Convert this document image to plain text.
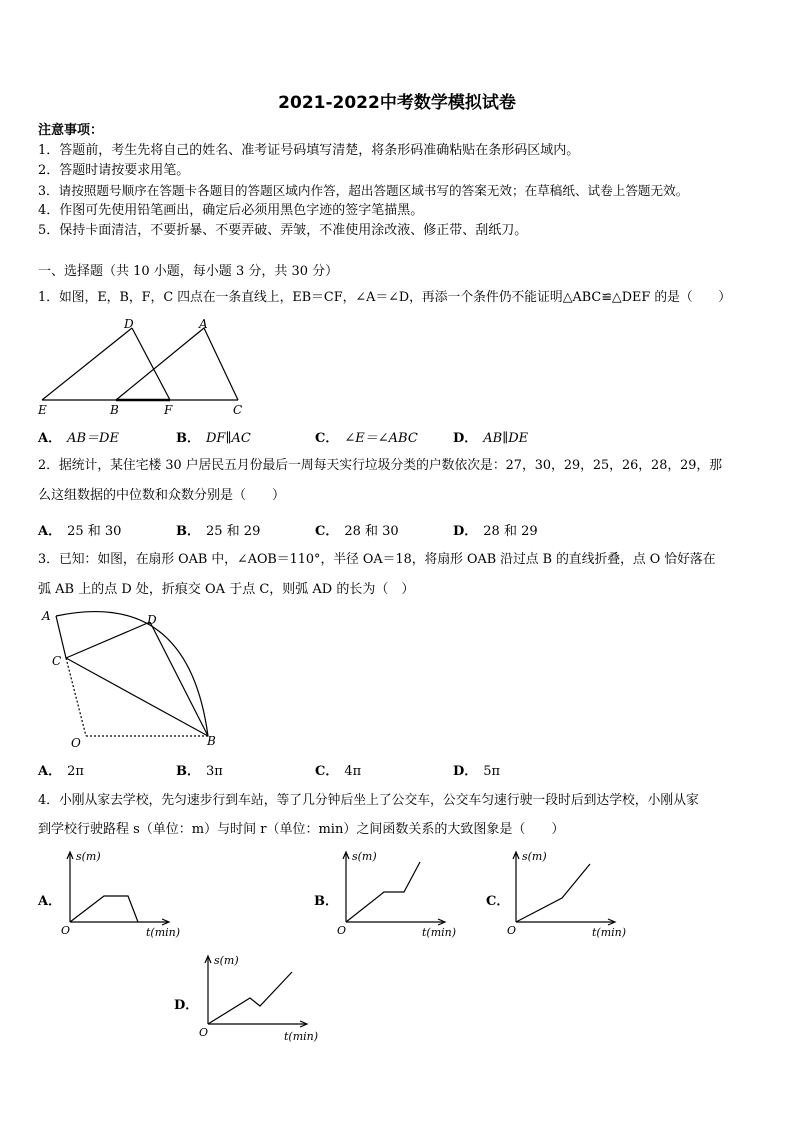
2021-2022中考数学模拟试卷
注意事项：
1．答题前，考生先将自己的姓名、准考证号码填写清楚，将条形码准确粘贴在条形码区域内。
2．答题时请按要求用笔。
3．请按照题号顺序在答题卡各题目的答题区域内作答，超出答题区域书写的答案无效；在草稿纸、试卷上答题无效。
4．作图可先使用铅笔画出，确定后必须用黑色字迹的签字笔描黑。
5．保持卡面清洁，不要折暴、不要弄破、弄皱，不准使用涂改液、修正带、刮纸刀。
一、选择题（共 10 小题，每小题 3 分，共 30 分）
1．如图，E，B，F，C 四点在一条直线上，EB＝CF，∠A＝∠D，再添一个条件仍不能证明△ABC≌△DEF 的是（　　）
D	A
E	B	F	C
A． AB＝DE	B． DF∥AC	C． ∠E＝∠ABC	D． AB∥DE
2．据统计，某住宅楼 30 户居民五月份最后一周每天实行垃圾分类的户数依次是：27，30，29，25，26，28，29，那
么这组数据的中位数和众数分别是（　　）
A． 25 和 30	B． 25 和 29	C． 28 和 30	D． 28 和 29
3．已知：如图，在扇形 OAB 中，∠AOB＝110°，半径 OA＝18，将扇形 OAB 沿过点 B 的直线折叠，点 O 恰好落在
弧 AB 上的点 D 处，折痕交 OA 于点 C，则弧 AD 的长为（　）
A	D
C
O	B
A． 2π	B． 3π	C． 4π	D． 5π
4．小刚从家去学校，先匀速步行到车站，等了几分钟后坐上了公交车，公交车匀速行驶一段时后到达学校，小刚从家
到学校行驶路程 s（单位：m）与时间 r（单位：min）之间函数关系的大致图象是（　　）
A．
s(m)
t(min)
O
B．
s(m)
t(min)
O
C．
s(m)
t(min)
O
D．
s(m)
t(min)
O
